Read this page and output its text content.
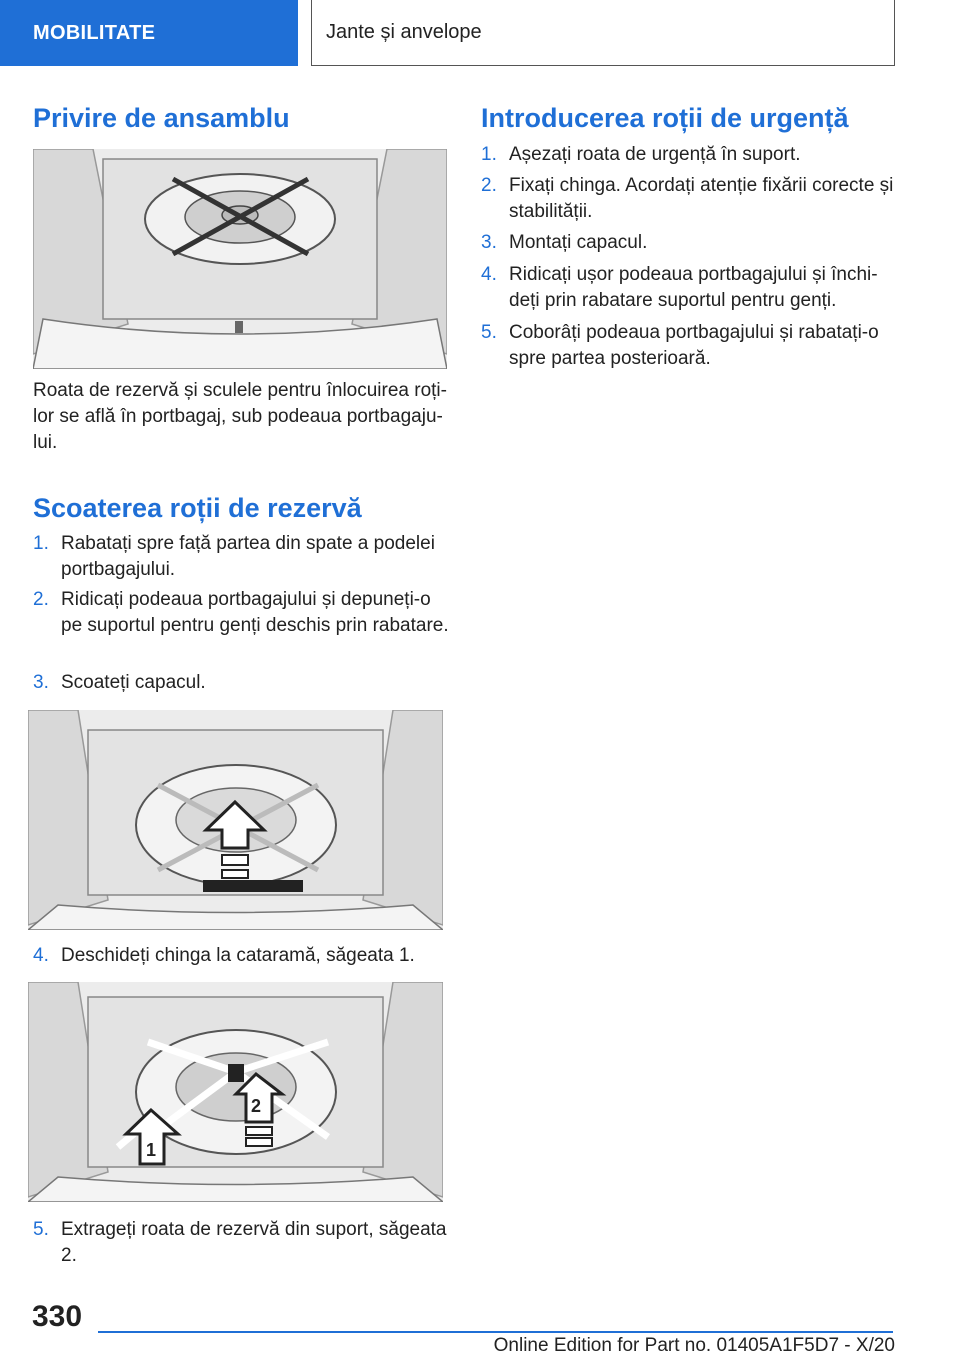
MOBILITATE	Jante și anvelope
Privire de ansamblu

Roata de rezervă și sculele pentru înlocuirea roților se află în portbagaj, sub podeaua portbagajului.

Scoaterea roții de rezervă
1. Rabatați spre față partea din spate a podelei portbagajului.
2. Ridicați podeaua portbagajului și depuneți-o pe suportul pentru genți deschis prin rabatare.
3. Scoateți capacul.
4. Deschideți chinga la cataramă, săgeata 1.
1
2
5. Extrageți roata de rezervă din suport, săgeata 2.
Introducerea roții de urgență
1. Așezați roata de urgență în suport.
2. Fixați chinga. Acordați atenție fixării corecte și stabilității.
3. Montați capacul.
4. Ridicați ușor podeaua portbagajului și închideți prin rabatare suportul pentru genți.
5. Coborâți podeaua portbagajului și rabatați-o spre partea posterioară.
330
Online Edition for Part no. 01405A1F5D7 - X/20
